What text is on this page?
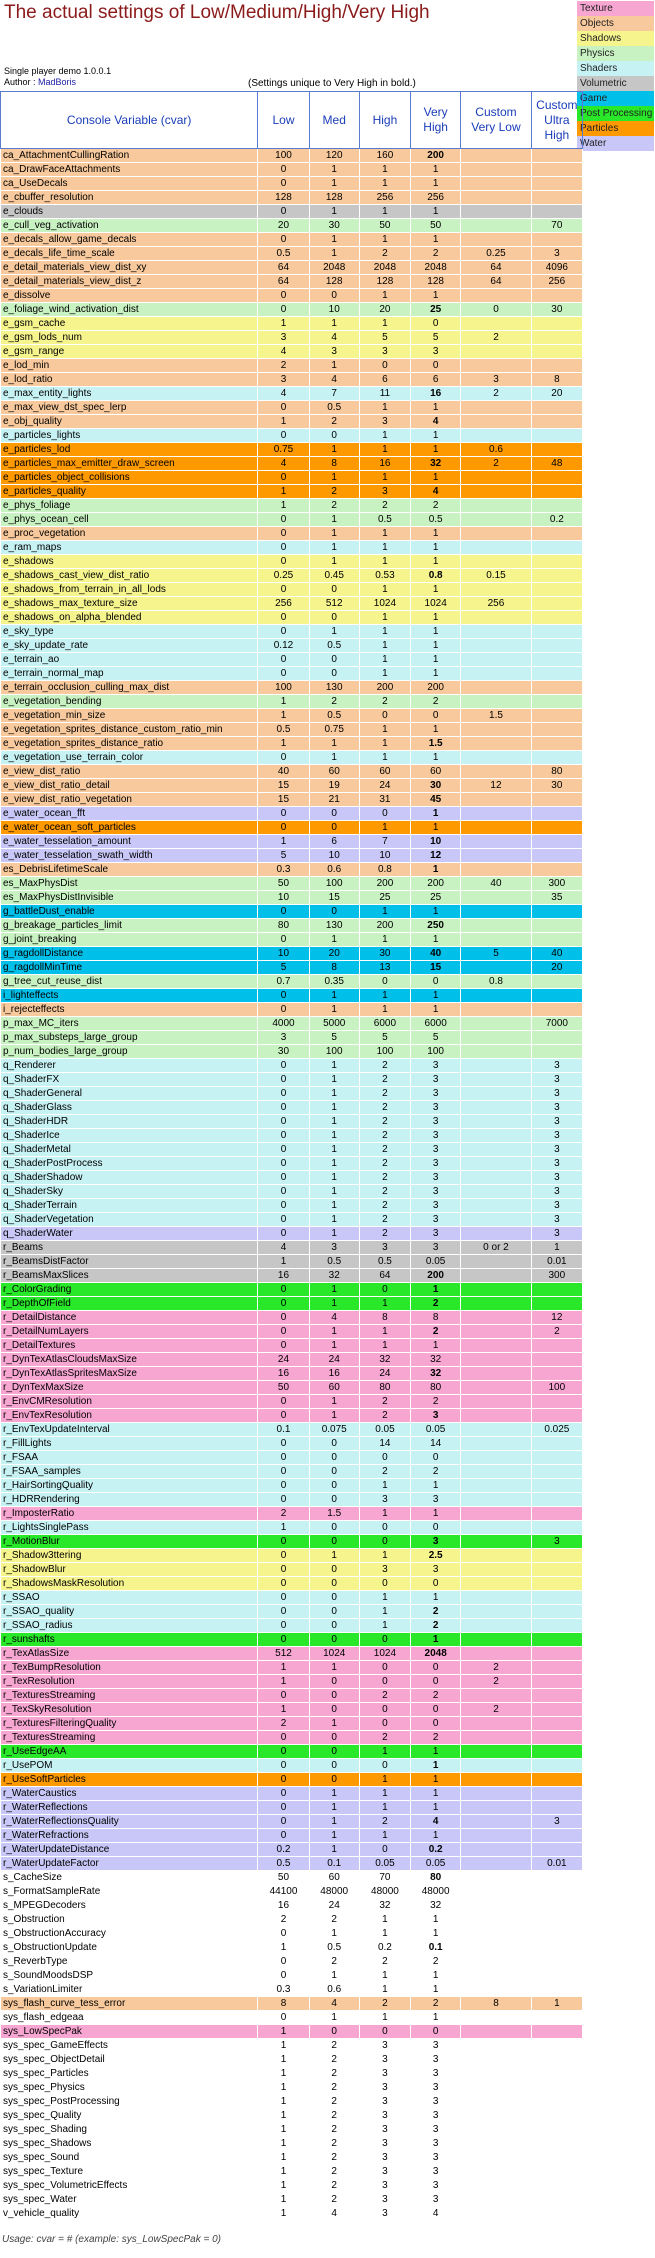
The actual settings of Low/Medium/High/Very High
Single player demo 1.0.0.1
Author : MadBoris	(Settings unique to Very High in bold.)
Texture
Objects
Shadows
Physics
Shaders
Volumetric
Game
Post Processing
Particles
Water
Console Variable (cvar)	Low	Med	High	Very High	Custom Very Low	Custom Ultra High
ca_AttachmentCullingRation	100	120	160	200		
ca_DrawFaceAttachments	0	1	1	1		
ca_UseDecals	0	1	1	1		
e_cbuffer_resolution	128	128	256	256		
e_clouds	0	1	1	1		
e_cull_veg_activation	20	30	50	50		70
e_decals_allow_game_decals	0	1	1	1		
e_decals_life_time_scale	0.5	1	2	2	0.25	3
e_detail_materials_view_dist_xy	64	2048	2048	2048	64	4096
e_detail_materials_view_dist_z	64	128	128	128	64	256
e_dissolve	0	0	1	1		
e_foliage_wind_activation_dist	0	10	20	25	0	30
e_gsm_cache	1	1	1	0		
e_gsm_lods_num	3	4	5	5	2	
e_gsm_range	4	3	3	3		
e_lod_min	2	1	0	0		
e_lod_ratio	3	4	6	6	3	8
e_max_entity_lights	4	7	11	16	2	20
e_max_view_dst_spec_lerp	0	0.5	1	1		
e_obj_quality	1	2	3	4		
e_particles_lights	0	0	1	1		
e_particles_lod	0.75	1	1	1	0.6	
e_particles_max_emitter_draw_screen	4	8	16	32	2	48
e_particles_object_collisions	0	1	1	1		
e_particles_quality	1	2	3	4		
e_phys_foliage	1	2	2	2		
e_phys_ocean_cell	0	1	0.5	0.5		0.2
e_proc_vegetation	0	1	1	1		
e_ram_maps	0	1	1	1		
e_shadows	0	1	1	1		
e_shadows_cast_view_dist_ratio	0.25	0.45	0.53	0.8	0.15	
e_shadows_from_terrain_in_all_lods	0	0	1	1		
e_shadows_max_texture_size	256	512	1024	1024	256	
e_shadows_on_alpha_blended	0	0	1	1		
e_sky_type	0	1	1	1		
e_sky_update_rate	0.12	0.5	1	1		
e_terrain_ao	0	0	1	1		
e_terrain_normal_map	0	0	1	1		
e_terrain_occlusion_culling_max_dist	100	130	200	200		
e_vegetation_bending	1	2	2	2		
e_vegetation_min_size	1	0.5	0	0	1.5	
e_vegetation_sprites_distance_custom_ratio_min	0.5	0.75	1	1		
e_vegetation_sprites_distance_ratio	1	1	1	1.5		
e_vegetation_use_terrain_color	0	1	1	1		
e_view_dist_ratio	40	60	60	60		80
e_view_dist_ratio_detail	15	19	24	30	12	30
e_view_dist_ratio_vegetation	15	21	31	45		
e_water_ocean_fft	0	0	0	1		
e_water_ocean_soft_particles	0	0	1	1		
e_water_tesselation_amount	1	6	7	10		
e_water_tesselation_swath_width	5	10	10	12		
es_DebrisLifetimeScale	0.3	0.6	0.8	1		
es_MaxPhysDist	50	100	200	200	40	300
es_MaxPhysDistInvisible	10	15	25	25		35
g_battleDust_enable	0	0	1	1		
g_breakage_particles_limit	80	130	200	250		
g_joint_breaking	0	1	1	1		
g_ragdollDistance	10	20	30	40	5	40
g_ragdollMinTime	5	8	13	15		20
g_tree_cut_reuse_dist	0.7	0.35	0	0	0.8	
i_lighteffects	0	1	1	1		
i_rejecteffects	0	1	1	1		
p_max_MC_iters	4000	5000	6000	6000		7000
p_max_substeps_large_group	3	5	5	5		
p_num_bodies_large_group	30	100	100	100		
q_Renderer	0	1	2	3		3
q_ShaderFX	0	1	2	3		3
q_ShaderGeneral	0	1	2	3		3
q_ShaderGlass	0	1	2	3		3
q_ShaderHDR	0	1	2	3		3
q_ShaderIce	0	1	2	3		3
q_ShaderMetal	0	1	2	3		3
q_ShaderPostProcess	0	1	2	3		3
q_ShaderShadow	0	1	2	3		3
q_ShaderSky	0	1	2	3		3
q_ShaderTerrain	0	1	2	3		3
q_ShaderVegetation	0	1	2	3		3
q_ShaderWater	0	1	2	3		3
r_Beams	4	3	3	3	0 or 2	1
r_BeamsDistFactor	1	0.5	0.5	0.05		0.01
r_BeamsMaxSlices	16	32	64	200		300
r_ColorGrading	0	1	0	1		
r_DepthOfField	0	1	1	2		
r_DetailDistance	0	4	8	8		12
r_DetailNumLayers	0	1	1	2		2
r_DetailTextures	0	1	1	1		
r_DynTexAtlasCloudsMaxSize	24	24	32	32		
r_DynTexAtlasSpritesMaxSize	16	16	24	32		
r_DynTexMaxSize	50	60	80	80		100
r_EnvCMResolution	0	1	2	2		
r_EnvTexResolution	0	1	2	3		
r_EnvTexUpdateInterval	0.1	0.075	0.05	0.05		0.025
r_FillLights	0	0	14	14		
r_FSAA	0	0	0	0		
r_FSAA_samples	0	0	2	2		
r_HairSortingQuality	0	0	1	1		
r_HDRRendering	0	0	3	3		
r_ImposterRatio	2	1.5	1	1		
r_LightsSinglePass	1	0	0	0		
r_MotionBlur	0	0	0	3		3
r_Shadow3ttering	0	1	1	2.5		
r_ShadowBlur	0	0	3	3		
r_ShadowsMaskResolution	0	0	0	0		
r_SSAO	0	0	1	1		
r_SSAO_quality	0	0	1	2		
r_SSAO_radius	0	0	1	2		
r_sunshafts	0	0	0	1		
r_TexAtlasSize	512	1024	1024	2048		
r_TexBumpResolution	1	1	0	0	2	
r_TexResolution	1	0	0	0	2	
r_TexturesStreaming	0	0	2	2		
r_TexSkyResolution	1	0	0	0	2	
r_TexturesFilteringQuality	2	1	0	0		
r_TexturesStreaming	0	0	2	2		
r_UseEdgeAA	0	0	1	1		
r_UsePOM	0	0	0	1		
r_UseSoftParticles	0	0	1	1		
r_WaterCaustics	0	1	1	1		
r_WaterReflections	0	1	1	1		
r_WaterReflectionsQuality	0	1	2	4		3
r_WaterRefractions	0	1	1	1		
r_WaterUpdateDistance	0.2	1	0	0.2		
r_WaterUpdateFactor	0.5	0.1	0.05	0.05		0.01
s_CacheSize	50	60	70	80		
s_FormatSampleRate	44100	48000	48000	48000		
s_MPEGDecoders	16	24	32	32		
s_Obstruction	2	2	1	1		
s_ObstructionAccuracy	0	1	1	1		
s_ObstructionUpdate	1	0.5	0.2	0.1		
s_ReverbType	0	2	2	2		
s_SoundMoodsDSP	0	1	1	1		
s_VariationLimiter	0.3	0.6	1	1		
sys_flash_curve_tess_error	8	4	2	2	8	1
sys_flash_edgeaa	0	1	1	1		
sys_LowSpecPak	1	0	0	0		
sys_spec_GameEffects	1	2	3	3		
sys_spec_ObjectDetail	1	2	3	3		
sys_spec_Particles	1	2	3	3		
sys_spec_Physics	1	2	3	3		
sys_spec_PostProcessing	1	2	3	3		
sys_spec_Quality	1	2	3	3		
sys_spec_Shading	1	2	3	3		
sys_spec_Shadows	1	2	3	3		
sys_spec_Sound	1	2	3	3		
sys_spec_Texture	1	2	3	3		
sys_spec_VolumetricEffects	1	2	3	3		
sys_spec_Water	1	2	3	3		
v_vehicle_quality	1	4	3	4		
Usage: cvar = # (example: sys_LowSpecPak = 0)
